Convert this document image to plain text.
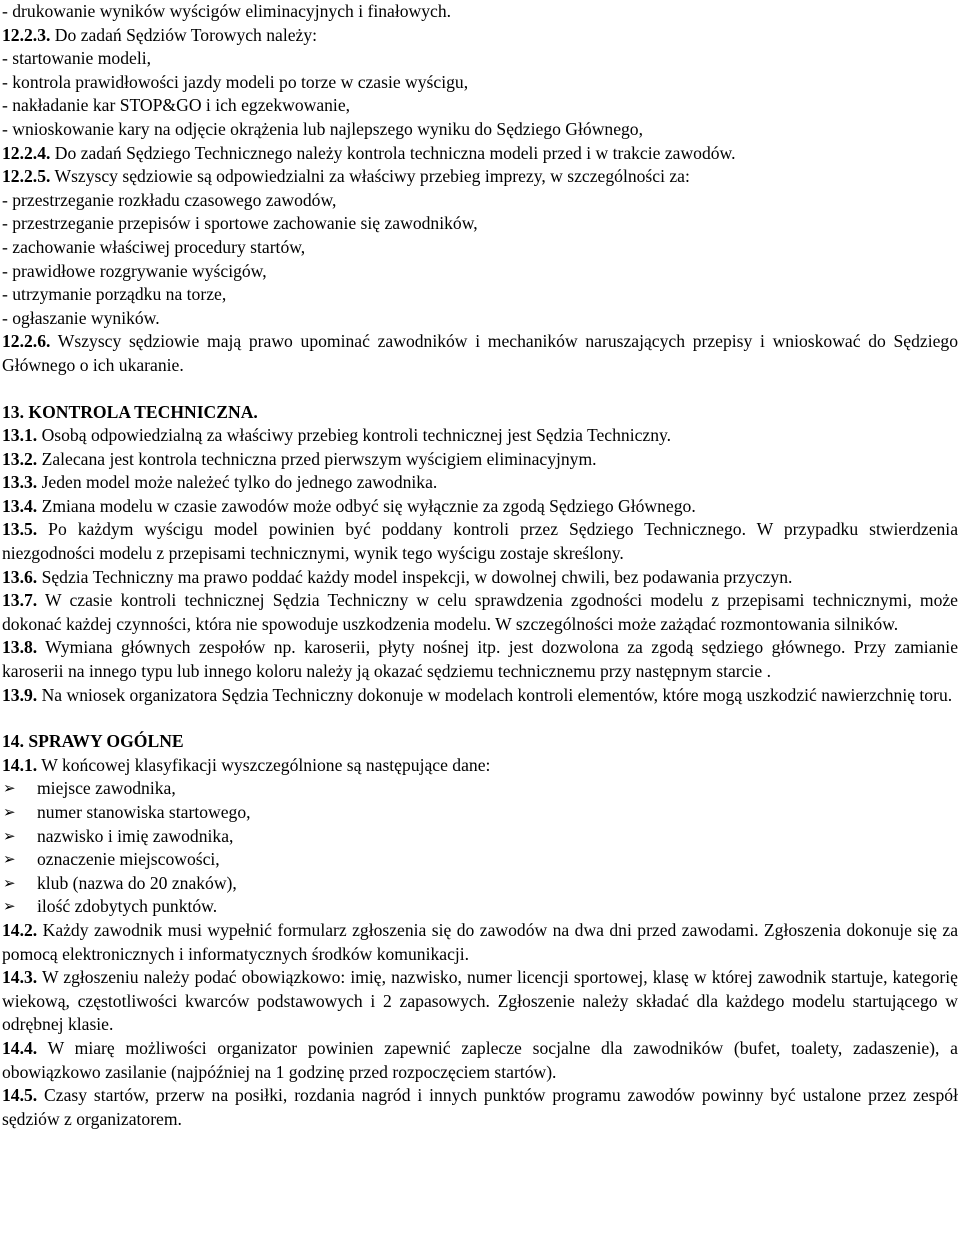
- drukowanie wyników wyścigów eliminacyjnych i finałowych.

12.2.3. Do zadań Sędziów Torowych należy:

- startowanie modeli,

- kontrola prawidłowości jazdy modeli po torze w czasie wyścigu,

- nakładanie kar STOP&GO i ich egzekwowanie,

- wnioskowanie kary na odjęcie okrążenia lub najlepszego wyniku do Sędziego Głównego,

12.2.4. Do zadań Sędziego Technicznego należy kontrola techniczna modeli przed i w trakcie zawodów.

12.2.5. Wszyscy sędziowie są odpowiedzialni za właściwy przebieg imprezy, w szczególności za:

- przestrzeganie rozkładu czasowego zawodów,

- przestrzeganie przepisów i sportowe zachowanie się zawodników,

- zachowanie właściwej procedury startów,

- prawidłowe rozgrywanie wyścigów,

- utrzymanie porządku na torze,

- ogłaszanie wyników.

12.2.6. Wszyscy sędziowie mają prawo upominać zawodników i mechaników naruszających przepisy i wnioskować do Sędziego Głównego o ich ukaranie.

13. KONTROLA TECHNICZNA.

13.1. Osobą odpowiedzialną za właściwy przebieg kontroli technicznej jest Sędzia Techniczny.

13.2. Zalecana jest kontrola techniczna przed pierwszym wyścigiem eliminacyjnym.

13.3. Jeden model może należeć tylko do jednego zawodnika.

13.4. Zmiana modelu w czasie zawodów może odbyć się wyłącznie za zgodą Sędziego Głównego.

13.5. Po każdym wyścigu model powinien być poddany kontroli przez Sędziego Technicznego. W przypadku stwierdzenia niezgodności modelu z przepisami technicznymi, wynik tego wyścigu zostaje skreślony.

13.6. Sędzia Techniczny ma prawo poddać każdy model inspekcji, w dowolnej chwili, bez podawania przyczyn.

13.7. W czasie kontroli technicznej Sędzia Techniczny w celu sprawdzenia zgodności modelu z przepisami technicznymi, może dokonać każdej czynności, która nie spowoduje uszkodzenia modelu. W szczególności może zażądać rozmontowania silników.

13.8. Wymiana głównych zespołów np. karoserii, płyty nośnej itp. jest dozwolona za zgodą sędziego głównego. Przy zamianie karoserii na innego typu lub innego koloru należy ją okazać sędziemu technicznemu przy następnym starcie .

13.9. Na wniosek organizatora Sędzia Techniczny dokonuje w modelach kontroli elementów, które mogą uszkodzić nawierzchnię toru.

14. SPRAWY OGÓLNE

14.1. W końcowej klasyfikacji wyszczególnione są następujące dane:

➢	miejsce zawodnika,
➢	numer stanowiska startowego,
➢	nazwisko i imię zawodnika,
➢	oznaczenie miejscowości,
➢	klub (nazwa do 20 znaków),
➢	ilość zdobytych punktów.

14.2. Każdy zawodnik musi wypełnić formularz zgłoszenia się do zawodów na dwa dni przed zawodami. Zgłoszenia dokonuje się za pomocą elektronicznych i informatycznych środków komunikacji.

14.3. W zgłoszeniu należy podać obowiązkowo: imię, nazwisko, numer licencji sportowej, klasę w której zawodnik startuje, kategorię wiekową, częstotliwości kwarców podstawowych i 2 zapasowych. Zgłoszenie należy składać dla każdego modelu startującego w odrębnej klasie.

14.4. W miarę możliwości organizator powinien zapewnić zaplecze socjalne dla zawodników (bufet, toalety, zadaszenie), a obowiązkowo zasilanie (najpóźniej na 1 godzinę przed rozpoczęciem startów).

14.5. Czasy startów, przerw na posiłki, rozdania nagród i innych punktów programu zawodów powinny być ustalone przez zespół sędziów z organizatorem.
